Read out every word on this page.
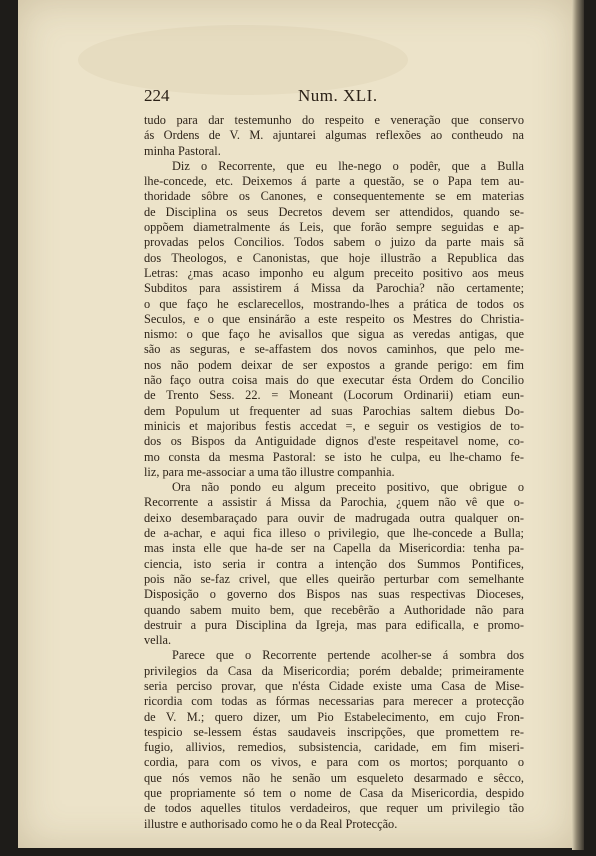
224	Num. XLI.
tudo para dar testemunho do respeito e veneração que conservo
ás Ordens de V. M. ajuntarei algumas reflexões ao contheudo na
minha Pastoral.
Diz o Recorrente, que eu lhe-nego o podêr, que a Bulla
lhe-concede, etc. Deixemos á parte a questão, se o Papa tem au-
thoridade sôbre os Canones, e consequentemente se em materias
de Disciplina os seus Decretos devem ser attendidos, quando se-
oppõem diametralmente ás Leis, que forão sempre seguidas e ap-
provadas pelos Concilios. Todos sabem o juizo da parte mais sã
dos Theologos, e Canonistas, que hoje illustrão a Republica das
Letras: ¿mas acaso imponho eu algum preceito positivo aos meus
Subditos para assistirem á Missa da Parochia? não certamente;
o que faço he esclarecellos, mostrando-lhes a prática de todos os
Seculos, e o que ensinárão a este respeito os Mestres do Christia-
nismo: o que faço he avisallos que sigua as veredas antigas, que
são as seguras, e se-affastem dos novos caminhos, que pelo me-
nos não podem deixar de ser expostos a grande perigo: em fim
não faço outra coisa mais do que executar ésta Ordem do Concilio
de Trento Sess. 22. = Moneant (Locorum Ordinarii) etiam eun-
dem Populum ut frequenter ad suas Parochias saltem diebus Do-
minicis et majoribus festis accedat =, e seguir os vestigios de to-
dos os Bispos da Antiguidade dignos d'este respeitavel nome, co-
mo consta da mesma Pastoral: se isto he culpa, eu lhe-chamo fe-
liz, para me-associar a uma tão illustre companhia.
Ora não pondo eu algum preceito positivo, que obrigue o
Recorrente a assistir á Missa da Parochia, ¿quem não vê que o-
deixo desembaraçado para ouvir de madrugada outra qualquer on-
de a-achar, e aqui fica illeso o privilegio, que lhe-concede a Bulla;
mas insta elle que ha-de ser na Capella da Misericordia: tenha pa-
ciencia, isto seria ir contra a intenção dos Summos Pontifices,
pois não se-faz crivel, que elles queirão perturbar com semelhante
Disposição o governo dos Bispos nas suas respectivas Dioceses,
quando sabem muito bem, que recebêrão a Authoridade não para
destruir a pura Disciplina da Igreja, mas para edificalla, e promo-
vella.
Parece que o Recorrente pertende acolher-se á sombra dos
privilegios da Casa da Misericordia; porém debalde; primeiramente
seria perciso provar, que n'ésta Cidade existe uma Casa de Mise-
ricordia com todas as fórmas necessarias para merecer a protecção
de V. M.; quero dizer, um Pio Estabelecimento, em cujo Fron-
tespicio se-lessem éstas saudaveis inscripções, que promettem re-
fugio, allivios, remedios, subsistencia, caridade, em fim miseri-
cordia, para com os vivos, e para com os mortos; porquanto o
que nós vemos não he senão um esqueleto desarmado e sêcco,
que propriamente só tem o nome de Casa da Misericordia, despido
de todos aquelles titulos verdadeiros, que requer um privilegio tão
illustre e authorisado como he o da Real Protecção.
